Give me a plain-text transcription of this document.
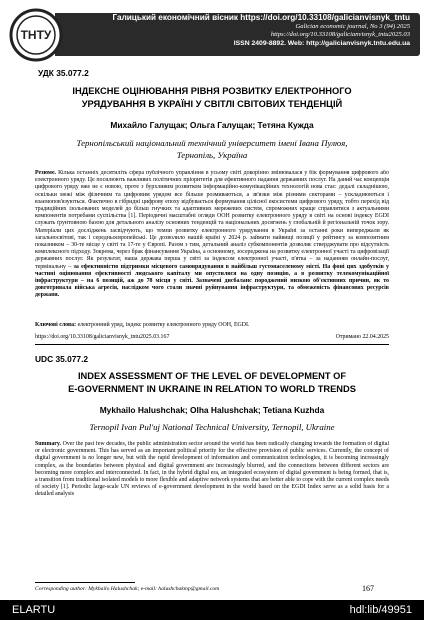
ТНТУ
Галицький економічний вісник https://doi.org/10.33108/galicianvisnyk_tntu
Galician economic journal, No 3 (94) 2025
https://doi.org/10.33108/galicianvisnyk_tntu2025.03
ISSN 2409-8892. Web: http://galicianvisnyk.tntu.edu.ua
УДК 35.077.2
ІНДЕКСНЕ ОЦІНЮВАННЯ РІВНЯ РОЗВИТКУ ЕЛЕКТРОННОГО
УРЯДУВАННЯ В УКРАЇНІ У СВІТЛІ СВІТОВИХ ТЕНДЕНЦІЙ
Михайло Галущак; Ольга Галущак; Тетяна Кужда
Тернопільський національний технічний університет імені Івана Пулюя,
Тернопіль, Україна

Резюме. Кілька останніх десятиліть сфера публічного управління в усьому світі докорінно змінювалася у бік формування цифрового або електронного уряду. Це посилюють важливих політичних пріоритетів для ефективного надання державних послуг. На даний час концепція цифрового уряду вже не є новою, проте з бурхливим розвитком інформаційно-комунікаційних технологій нова стає: дедалі складнішою, оскільки межі між фізичним та цифровим урядом все більше розмиваються, а зв'язки між різними секторами – ускладнюються і взаємопов'язуються. Фактично в гібридні цифрову епоху відбувається формування цілісної екосистеми цифрового уряду, тобто перехід від традиційних ізольованих моделей до більш гнучких та адаптивних мережевих систем, спроможних краще справлятися з актуальними компонентів потребами суспільства [1]. Періодичні масштабні огляди ООН розвитку електронного уряду в світі на основі індексу EGDI служать ґрунтовною базою для детального аналізу основних тенденцій та національних досягнень у глобальній й регіональній точок зору. Матеріали цих досліджень засвідчують, що темпи розвитку електронного урядування в Україні за останні роки випереджали як загальносвітові, так і середньоєвропейські. Це дозволило нашій країні у 2024 р. займати найвищі позиції у рейтингу за композитним показником – 30-те місце у світі та 17-те у Європі. Разом з тим, детальний аналіз субкомпонентів дозволяє стверджувати про відсутність комплексного підходу. Зокрема, через брак фінансування Україна, а основному, зосереджена на розвитку електронної участі та цифровізації державних послуг. Як результат, наша держава перша у світі за індексом електронної участі, п'ятка – за наданням онлайн-послуг, термінальну – за ефективністю підтримки місцевого самоврядування в найбільш густонаселеному місті. На фоні цих здобутків у частині оцінювання ефективності людського капіталу ми опустилися на одну позицію, а в розвитку телекомунікаційної інфраструктури – на 6 позицій, аж до 78 місця у світі. Зазначені дисбаланс породжений низкою об'єктивних причин, як то довготривала війська агресія, наслідком чого стали значні руйнування інфраструктури, та обмеженість фінансових ресурсів держави.

Ключові слова: електронний уряд, індекс розвитку електронного уряду ООН, EGDI.
https://doi.org/10.33108/galicianvisnyk_tntu2025.03.167	Отримано 22.04.2025
UDC 35.077.2
INDEX ASSESSMENT OF THE LEVEL OF DEVELOPMENT OF
E-GOVERNMENT IN UKRAINE IN RELATION TO WORLD TRENDS
Mykhailo Halushchak; Olha Halushchak; Tetiana Kuzhda
Ternopil Ivan Pul'uj National Technical University, Ternopil, Ukraine

Summary. Over the past few decades, the public administration sector around the world has been radically changing towards the formation of digital or electronic government. This has served as an important political priority for the effective provision of public services. Currently, the concept of digital government is no longer new, but with the rapid development of information and communication technologies, it is becoming increasingly complex, as the boundaries between physical and digital government are increasingly blurred, and the connections between different sectors are becoming more complex and interconnected. In fact, in the hybrid digital era, an integrated ecosystem of digital government is being formed, that is, a transition from traditional isolated models to more flexible and adaptive network systems that are better able to cope with the current complex needs of society [1]. Periodic large-scale UN reviews of e-government development in the world based on the EGDI Index serve as a solid basis for a detailed analysis

Corresponding author: Mykhailo Halushchak; e-mail: halushchakmp@gmail.com	167
ELARTU	hdl:lib/49951
